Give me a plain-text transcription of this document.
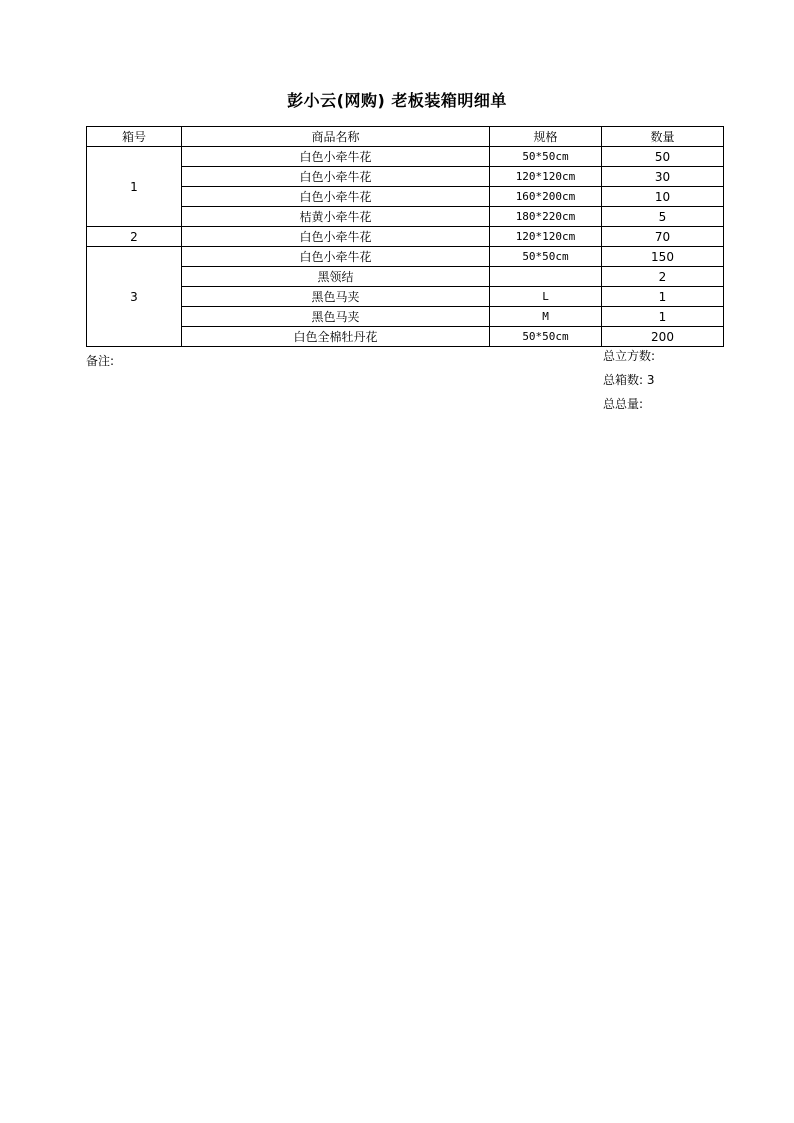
彭小云(网购) 老板装箱明细单
箱号	商品名称	规格	数量
1	白色小牵牛花	50*50cm	50
	白色小牵牛花	120*120cm	30
	白色小牵牛花	160*200cm	10
	桔黄小牵牛花	180*220cm	5
2	白色小牵牛花	120*120cm	70
3	白色小牵牛花	50*50cm	150
	黑领结		2
	黑色马夹	L	1
	黑色马夹	M	1
	白色全棉牡丹花	50*50cm	200
备注:	总立方数:
总箱数: 3
总总量:
